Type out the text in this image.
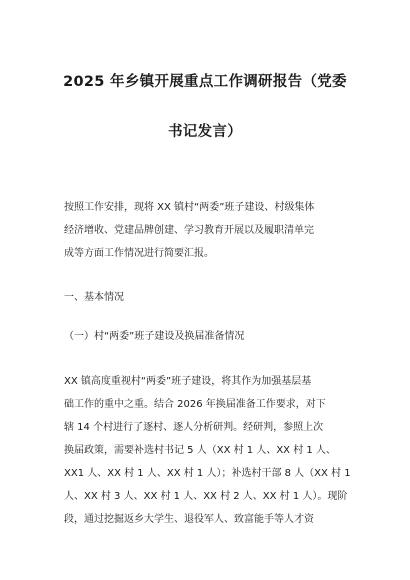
2025 年乡镇开展重点工作调研报告（党委
书记发言）

按照工作安排，现将 XX 镇村“两委”班子建设、村级集体
经济增收、党建品牌创建、学习教育开展以及履职清单完
成等方面工作情况进行简要汇报。

一、基本情况

（一）村“两委”班子建设及换届准备情况

XX 镇高度重视村“两委”班子建设，将其作为加强基层基
础工作的重中之重。结合 2026 年换届准备工作要求，对下
辖 14 个村进行了逐村、逐人分析研判。经研判，参照上次
换届政策，需要补选村书记 5 人（XX 村 1 人、XX 村 1 人、
XX1 人、XX 村 1 人、XX 村 1 人）；补选村干部 8 人（XX 村 1
人、XX 村 3 人、XX 村 1 人、XX 村 2 人、XX 村 1 人）。现阶
段，通过挖掘返乡大学生、退役军人、致富能手等人才资
